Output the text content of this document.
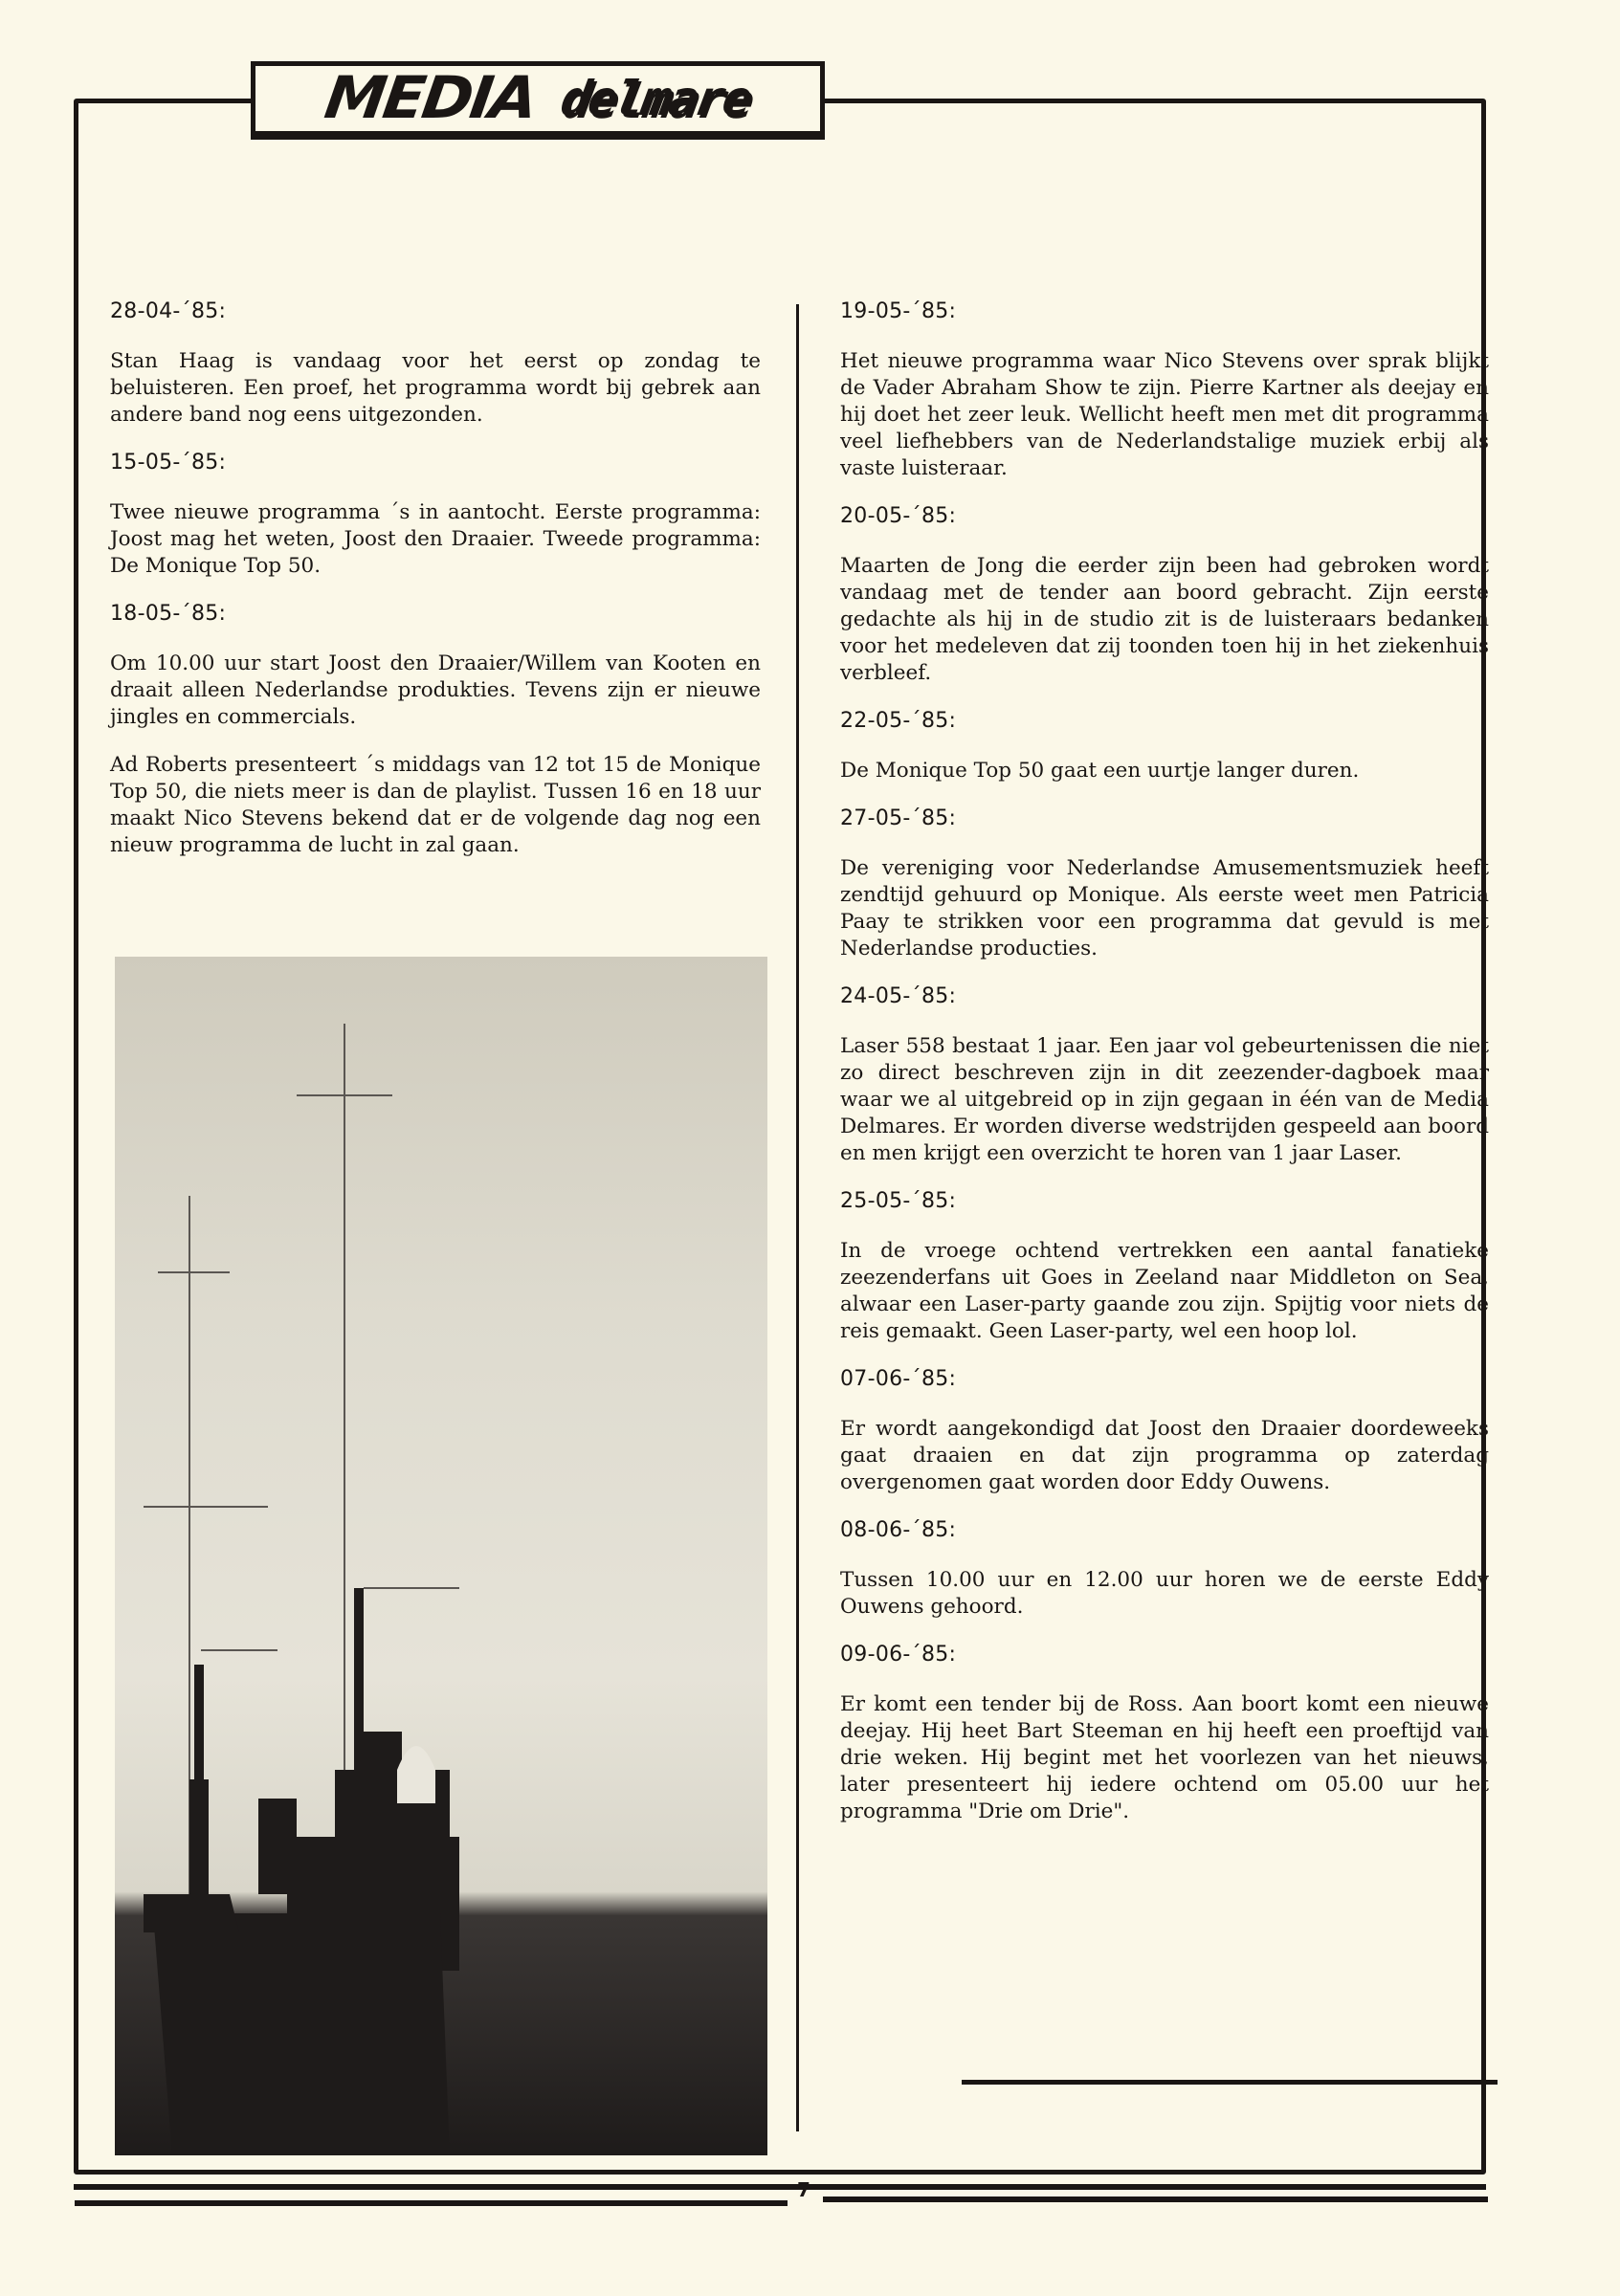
MEDIA delmare
28-04-´85:

Stan Haag is vandaag voor het eerst op zondag te beluisteren. Een proef, het programma wordt bij gebrek aan andere band nog eens uitgezonden.

15-05-´85:

Twee nieuwe programma ´s in aantocht. Eerste programma: Joost mag het weten, Joost den Draaier. Tweede programma: De Monique Top 50.

18-05-´85:

Om 10.00 uur start Joost den Draaier/Willem van Kooten en draait alleen Nederlandse produkties. Tevens zijn er nieuwe jingles en commercials.

Ad Roberts presenteert ´s middags van 12 tot 15 de Monique Top 50, die niets meer is dan de playlist. Tussen 16 en 18 uur maakt Nico Stevens bekend dat er de volgende dag nog een nieuw programma de lucht in zal gaan.

19-05-´85:

Het nieuwe programma waar Nico Stevens over sprak blijkt de Vader Abraham Show te zijn. Pierre Kartner als deejay en hij doet het zeer leuk. Wellicht heeft men met dit programma veel liefhebbers van de Nederlandstalige muziek erbij als vaste luisteraar.

20-05-´85:

Maarten de Jong die eerder zijn been had gebroken wordt vandaag met de tender aan boord gebracht. Zijn eerste gedachte als hij in de studio zit is de luisteraars bedanken voor het medeleven dat zij toonden toen hij in het ziekenhuis verbleef.

22-05-´85:

De Monique Top 50 gaat een uurtje langer duren.

27-05-´85:

De vereniging voor Nederlandse Amusementsmuziek heeft zendtijd gehuurd op Monique. Als eerste weet men Patricia Paay te strikken voor een programma dat gevuld is met Nederlandse producties.

24-05-´85:

Laser 558 bestaat 1 jaar. Een jaar vol gebeurtenissen die niet zo direct beschreven zijn in dit zeezender-dagboek maar waar we al uitgebreid op in zijn gegaan in één van de Media Delmares. Er worden diverse wedstrijden gespeeld aan boord en men krijgt een overzicht te horen van 1 jaar Laser.

25-05-´85:

In de vroege ochtend vertrekken een aantal fanatieke zeezenderfans uit Goes in Zeeland naar Middleton on Sea, alwaar een Laser-party gaande zou zijn. Spijtig voor niets de reis gemaakt. Geen Laser-party, wel een hoop lol.

07-06-´85:

Er wordt aangekondigd dat Joost den Draaier doordeweeks gaat draaien en dat zijn programma op zaterdag overgenomen gaat worden door Eddy Ouwens.

08-06-´85:

Tussen 10.00 uur en 12.00 uur horen we de eerste Eddy Ouwens gehoord.

09-06-´85:

Er komt een tender bij de Ross. Aan boort komt een nieuwe deejay. Hij heet Bart Steeman en hij heeft een proeftijd van drie weken. Hij begint met het voorlezen van het nieuws, later presenteert hij iedere ochtend om 05.00 uur het programma "Drie om Drie".

7
